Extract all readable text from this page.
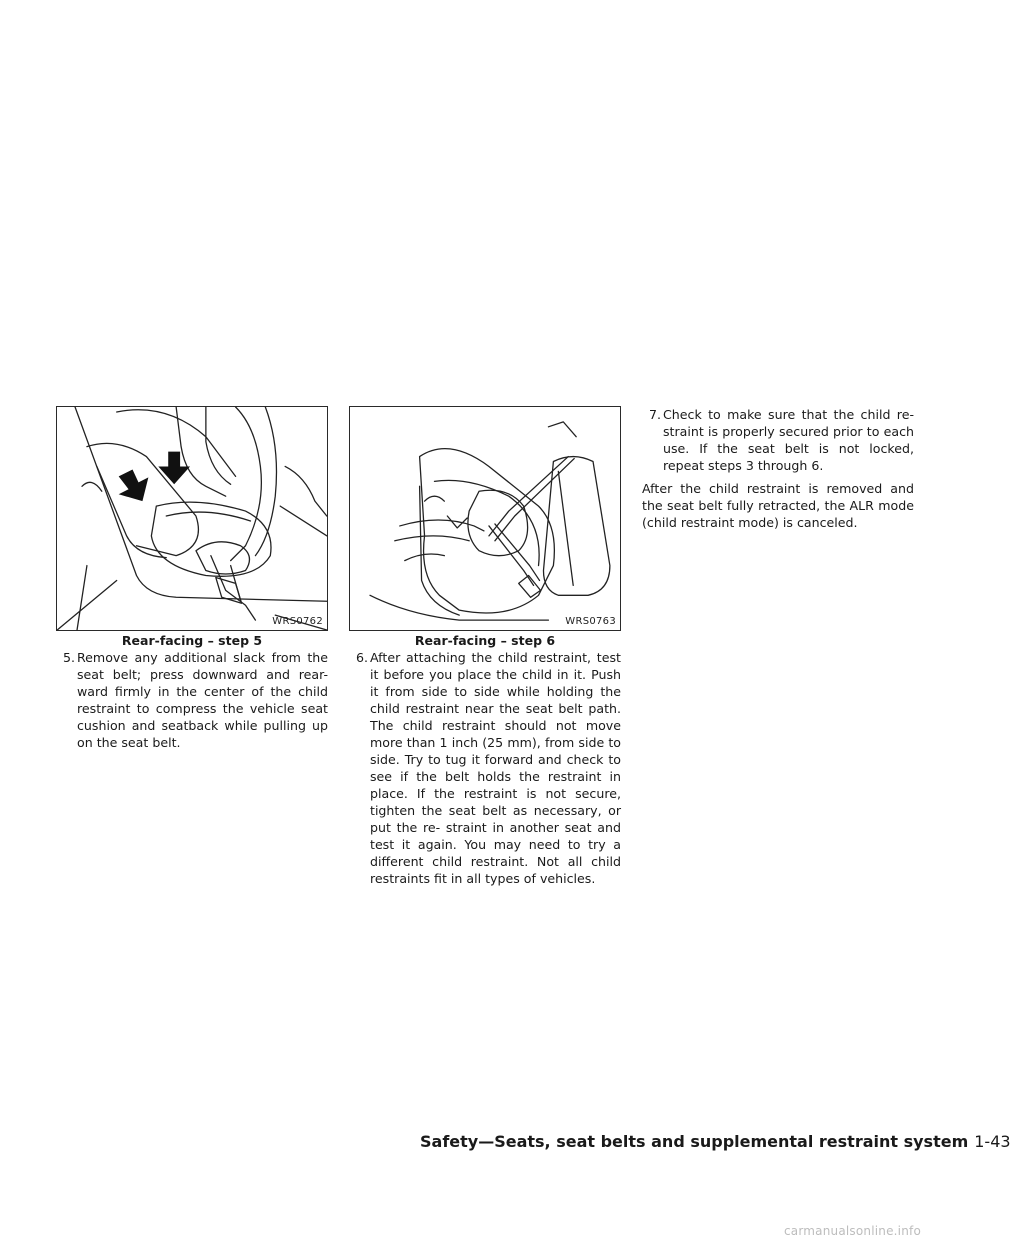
WRS0762
Rear-facing – step 5
WRS0763
Rear-facing – step 6
5. Remove any additional slack from the seat belt; press downward and rear- ward firmly in the center of the child restraint to compress the vehicle seat cushion and seatback while pulling up on the seat belt.

6. After attaching the child restraint, test it before you place the child in it. Push it from side to side while holding the child restraint near the seat belt path. The child restraint should not move more than 1 inch (25 mm), from side to side. Try to tug it forward and check to see if the belt holds the restraint in place. If the restraint is not secure, tighten the seat belt as necessary, or put the re- straint in another seat and test it again. You may need to try a different child restraint. Not all child restraints fit in all types of vehicles.

7. Check to make sure that the child re- straint is properly secured prior to each use. If the seat belt is not locked, repeat steps 3 through 6.

After the child restraint is removed and the seat belt fully retracted, the ALR mode (child restraint mode) is canceled.

Safety—Seats, seat belts and supplemental restraint system 1-43
carmanualsonline.info
